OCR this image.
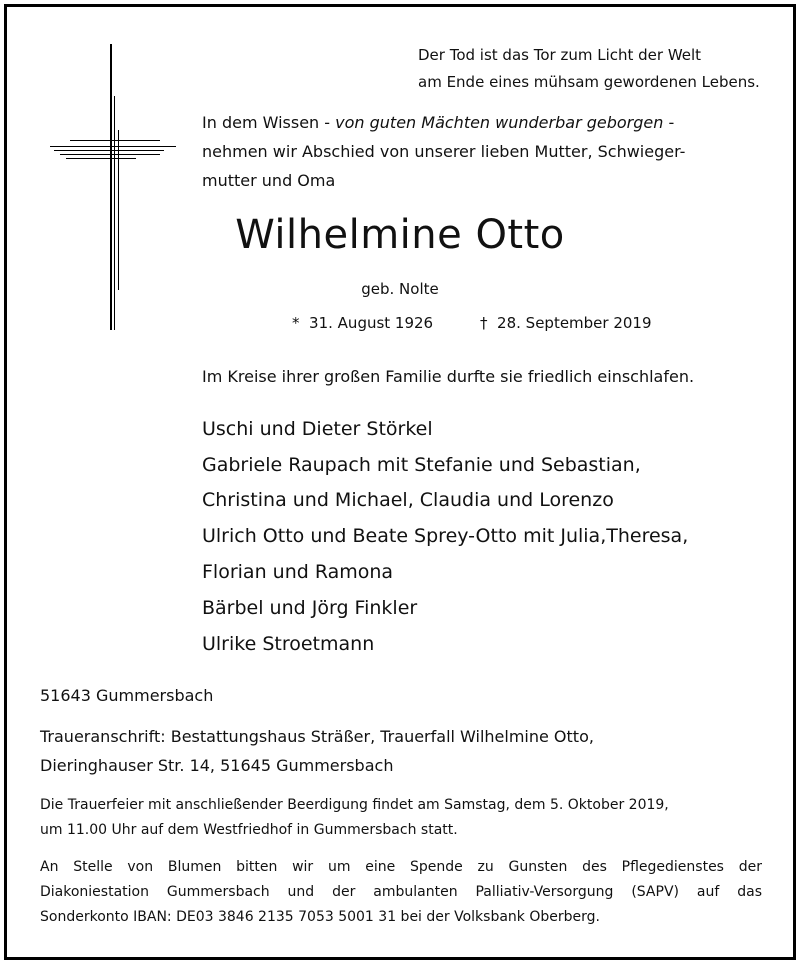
Der Tod ist das Tor zum Licht der Welt
am Ende eines mühsam gewordenen Lebens.
In dem Wissen - von guten Mächten wunderbar geborgen -
nehmen wir Abschied von unserer lieben Mutter, Schwieger-
mutter und Oma
Wilhelmine Otto
geb. Nolte
* 31. August 1926	† 28. September 2019
Im Kreise ihrer großen Familie durfte sie friedlich einschlafen.
Uschi und Dieter Störkel
Gabriele Raupach mit Stefanie und Sebastian,
Christina und Michael, Claudia und Lorenzo
Ulrich Otto und Beate Sprey-Otto mit Julia,Theresa,
Florian und Ramona
Bärbel und Jörg Finkler
Ulrike Stroetmann
51643 Gummersbach
Traueranschrift: Bestattungshaus Sträßer, Trauerfall Wilhelmine Otto,
Dieringhauser Str. 14, 51645 Gummersbach
Die Trauerfeier mit anschließender Beerdigung findet am Samstag, dem 5. Oktober 2019,
um 11.00 Uhr auf dem Westfriedhof in Gummersbach statt.
An Stelle von Blumen bitten wir um eine Spende zu Gunsten des Pflegedienstes der
Diakoniestation Gummersbach und der ambulanten Palliativ-Versorgung (SAPV) auf das
Sonderkonto IBAN: DE03 3846 2135 7053 5001 31 bei der Volksbank Oberberg.
